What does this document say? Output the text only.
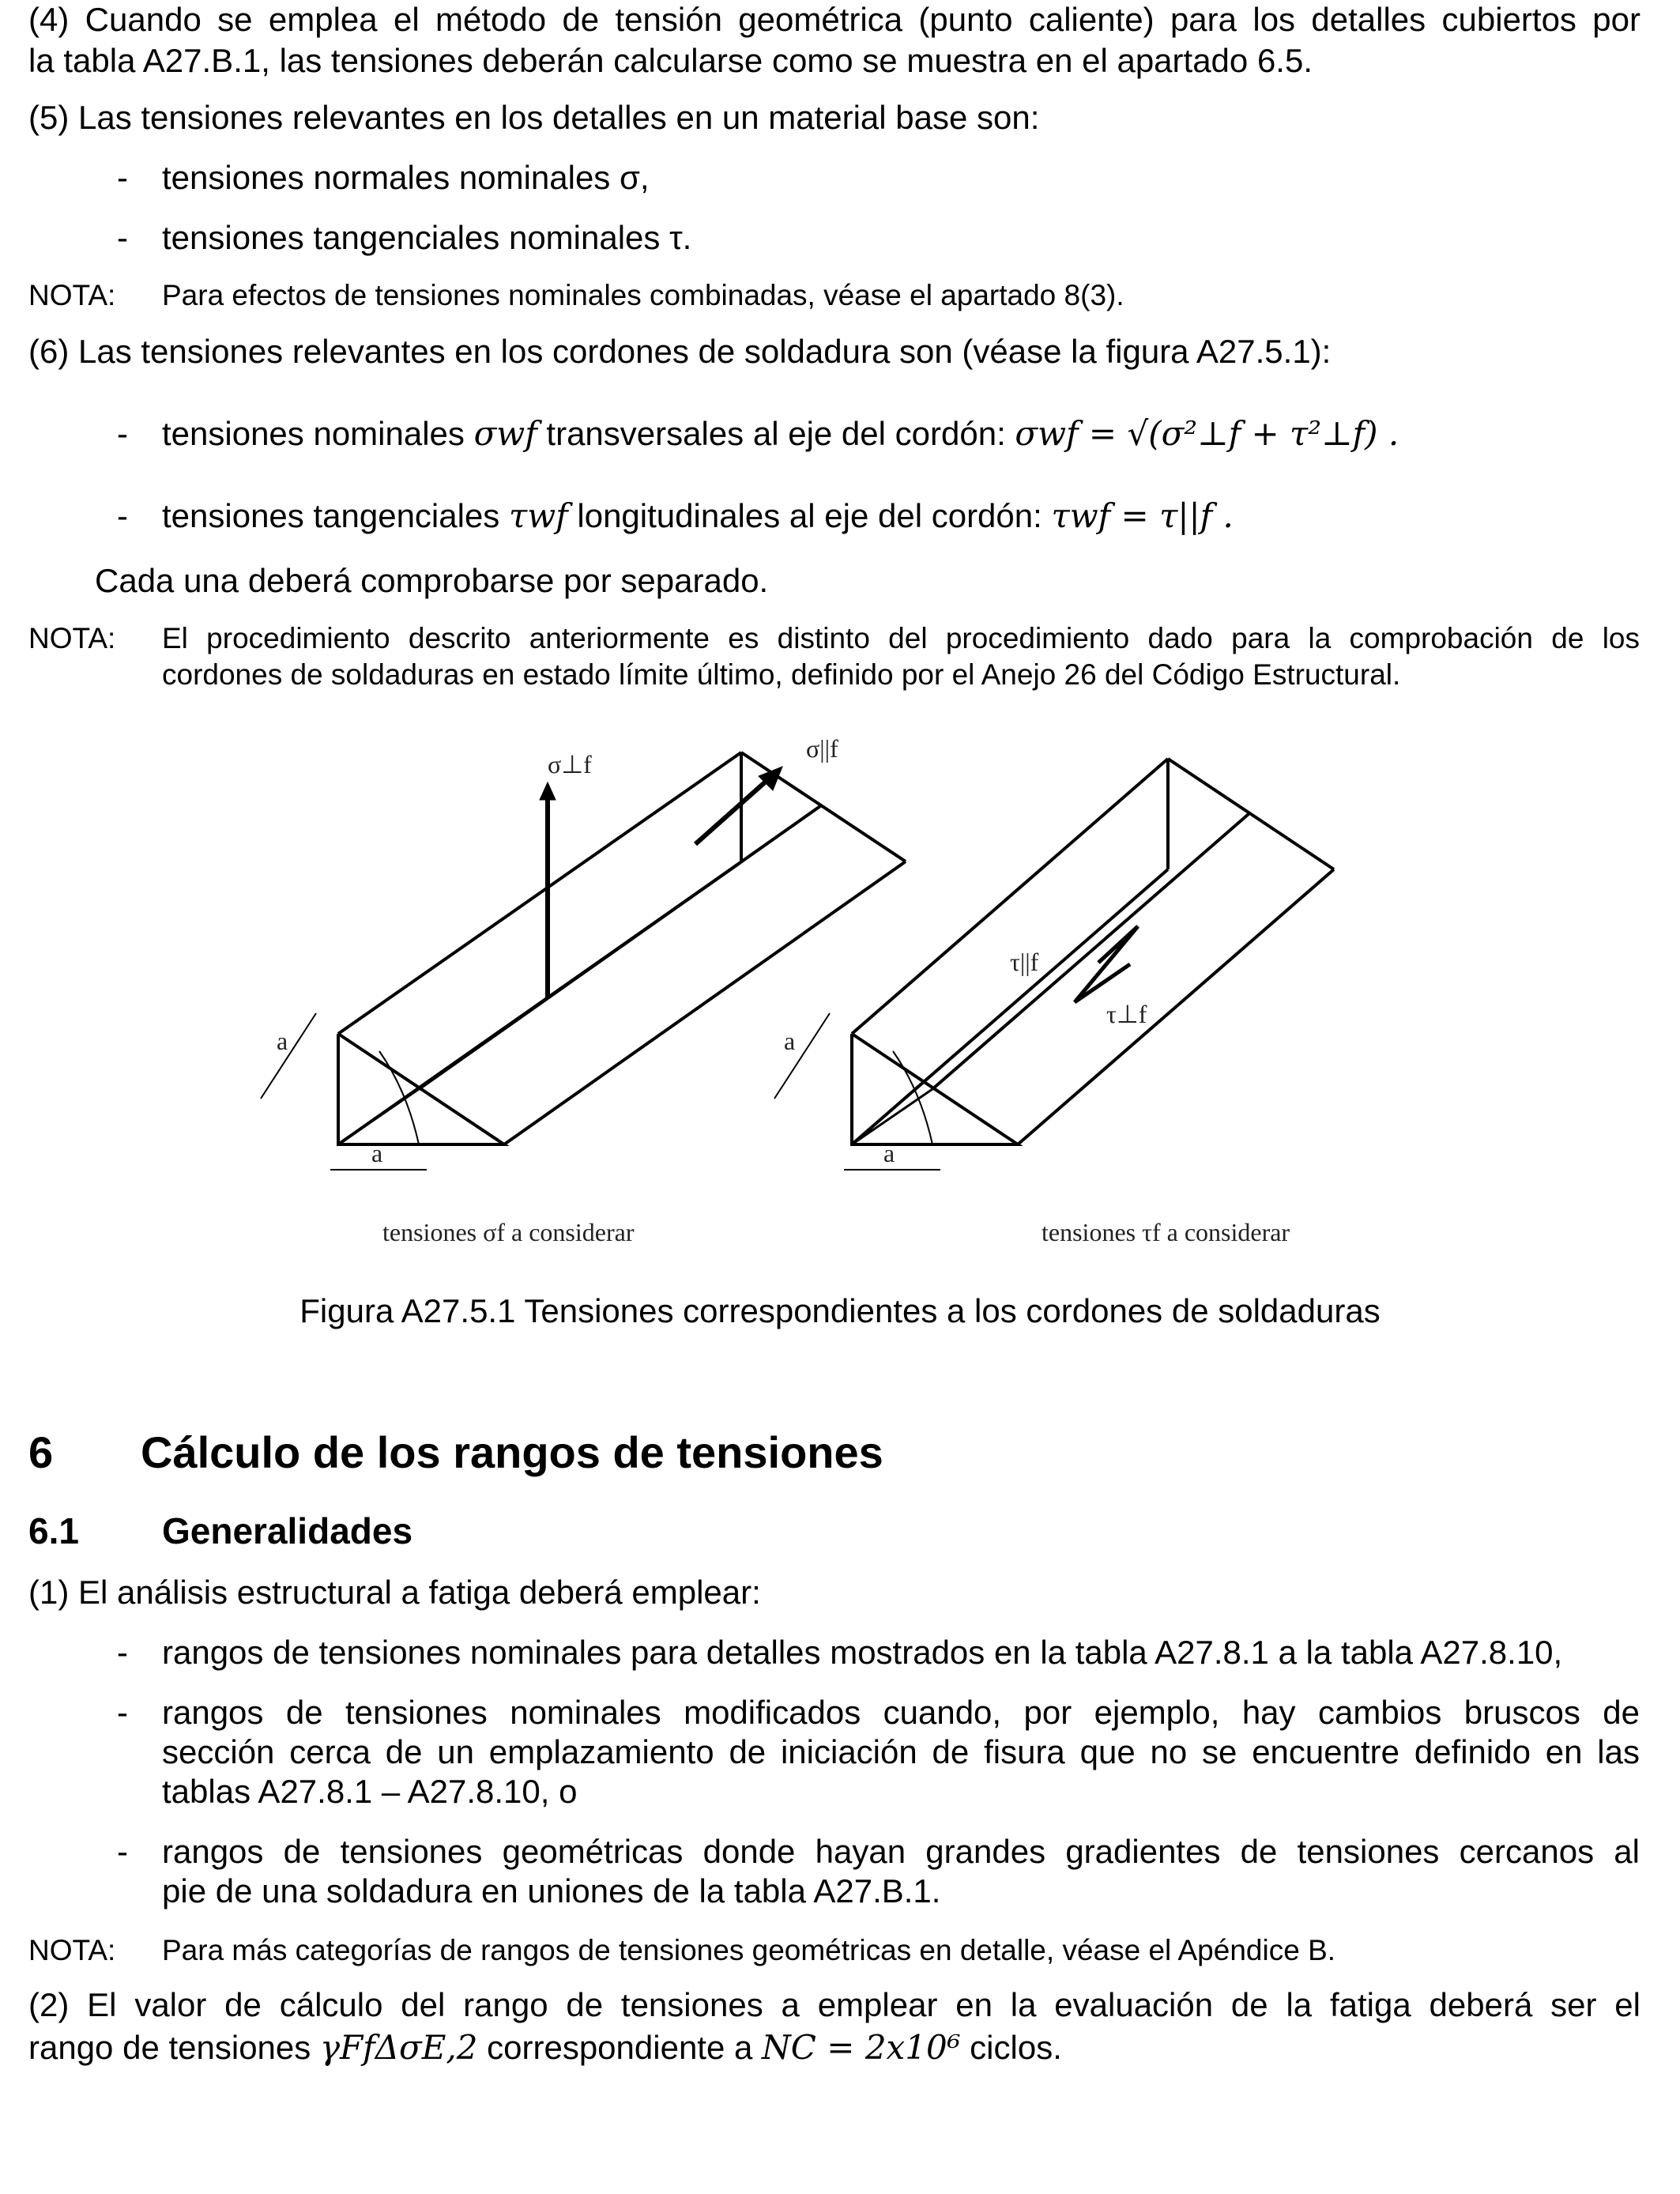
(4) Cuando se emplea el método de tensión geométrica (punto caliente) para los detalles cubiertos por
la tabla A27.B.1, las tensiones deberán calcularse como se muestra en el apartado 6.5.
(5) Las tensiones relevantes en los detalles en un material base son:
- tensiones normales nominales σ,
- tensiones tangenciales nominales τ.
NOTA: Para efectos de tensiones nominales combinadas, véase el apartado 8(3).
(6) Las tensiones relevantes en los cordones de soldadura son (véase la figura A27.5.1):
- tensiones nominales σwf transversales al eje del cordón: σwf = √(σ²⊥f + τ²⊥f) .
- tensiones tangenciales τwf longitudinales al eje del cordón: τwf = τ||f .
Cada una deberá comprobarse por separado.
NOTA: El procedimiento descrito anteriormente es distinto del procedimiento dado para la comprobación de los
cordones de soldaduras en estado límite último, definido por el Anejo 26 del Código Estructural.
σ⊥f
σ||f
τ||f
τ⊥f
a
a
a
a
tensiones σf a considerar	tensiones τf a considerar
Figura A27.5.1 Tensiones correspondientes a los cordones de soldaduras
6 Cálculo de los rangos de tensiones
6.1 Generalidades
(1) El análisis estructural a fatiga deberá emplear:
- rangos de tensiones nominales para detalles mostrados en la tabla A27.8.1 a la tabla A27.8.10,
- rangos de tensiones nominales modificados cuando, por ejemplo, hay cambios bruscos de
sección cerca de un emplazamiento de iniciación de fisura que no se encuentre definido en las
tablas A27.8.1 – A27.8.10, o
- rangos de tensiones geométricas donde hayan grandes gradientes de tensiones cercanos al
pie de una soldadura en uniones de la tabla A27.B.1.
NOTA: Para más categorías de rangos de tensiones geométricas en detalle, véase el Apéndice B.
(2) El valor de cálculo del rango de tensiones a emplear en la evaluación de la fatiga deberá ser el
rango de tensiones γFfΔσE,2 correspondiente a NC = 2x10⁶ ciclos.
